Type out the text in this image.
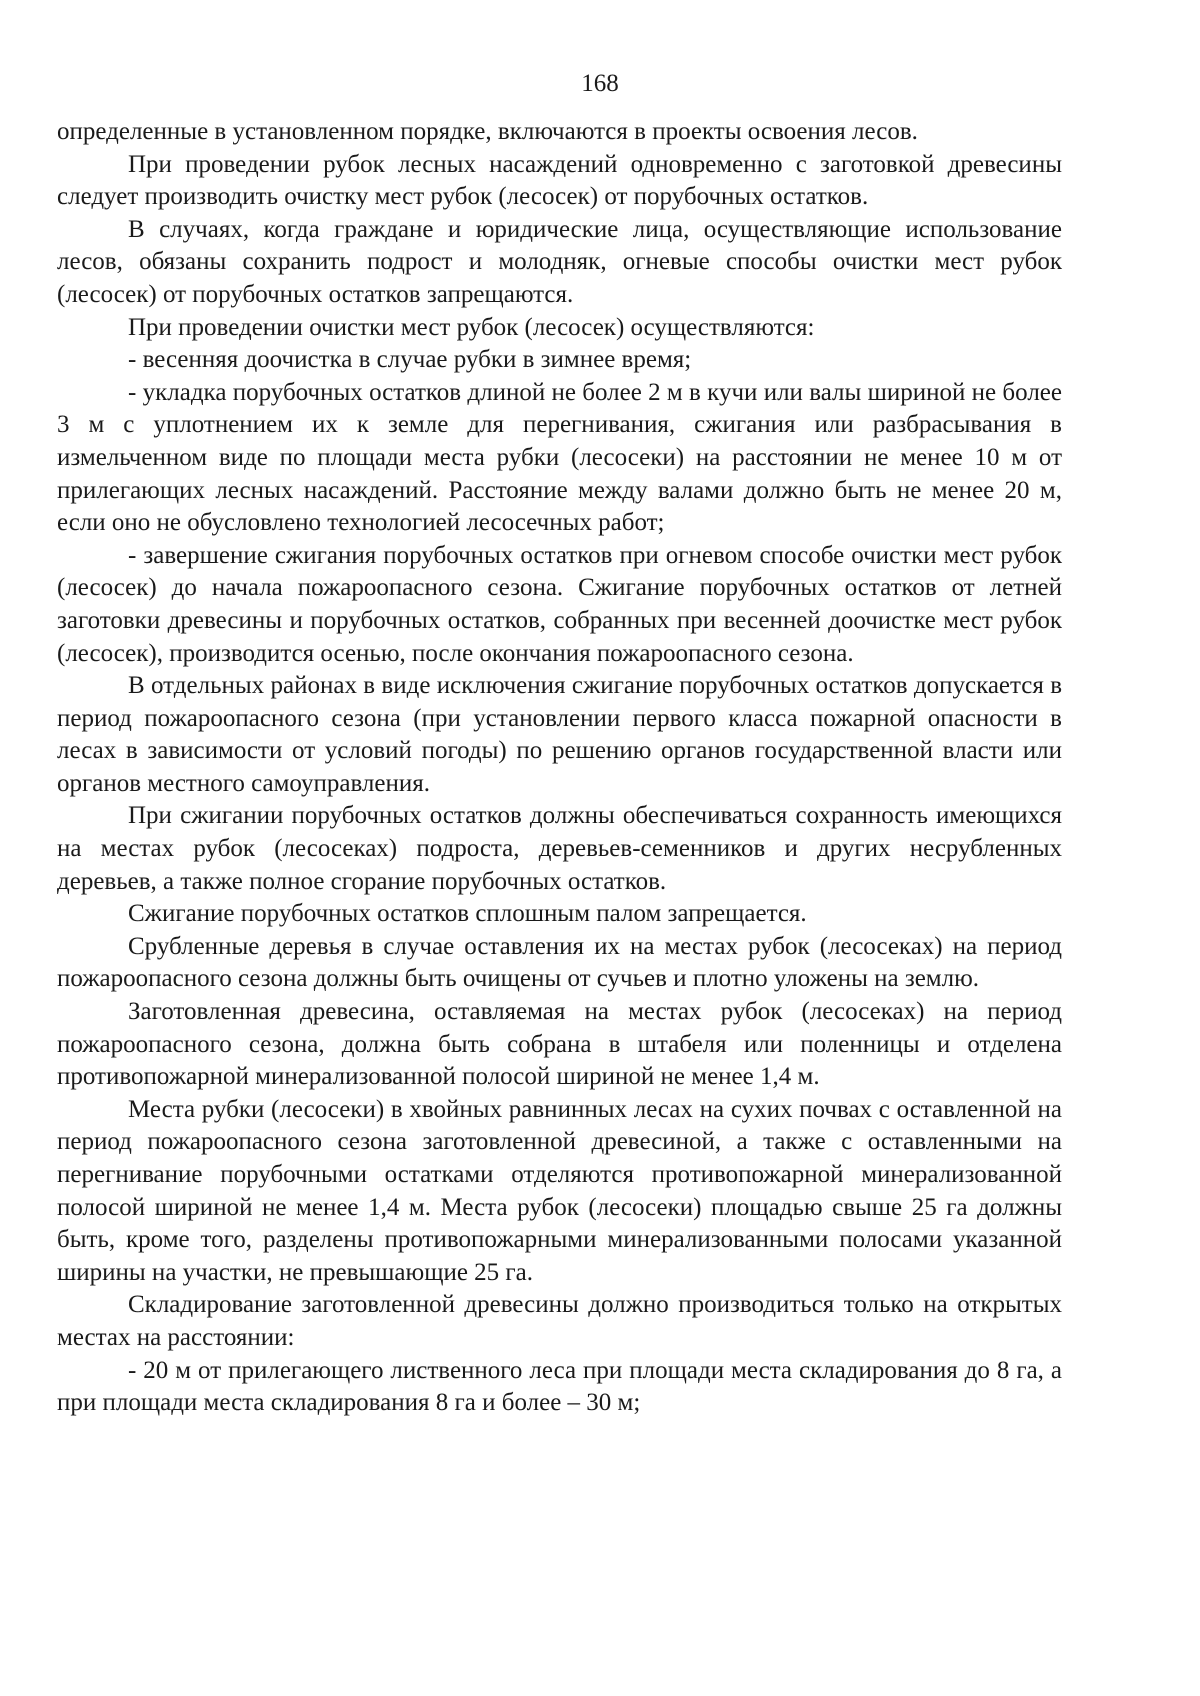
168

определенные в установленном порядке, включаются в проекты освоения лесов.

При проведении рубок лесных насаждений одновременно с заготовкой древесины следует производить очистку мест рубок (лесосек) от порубочных остатков.

В случаях, когда граждане и юридические лица, осуществляющие использование лесов, обязаны сохранить подрост и молодняк, огневые способы очистки мест рубок (лесосек) от порубочных остатков запрещаются.

При проведении очистки мест рубок (лесосек) осуществляются:

- весенняя доочистка в случае рубки в зимнее время;

- укладка порубочных остатков длиной не более 2 м в кучи или валы шириной не более 3 м с уплотнением их к земле для перегнивания, сжигания или разбрасывания в измельченном виде по площади места рубки (лесосеки) на расстоянии не менее 10 м от прилегающих лесных насаждений. Расстояние между валами должно быть не менее 20 м, если оно не обусловлено технологией лесосечных работ;

- завершение сжигания порубочных остатков при огневом способе очистки мест рубок (лесосек) до начала пожароопасного сезона. Сжигание порубочных остатков от летней заготовки древесины и порубочных остатков, собранных при весенней доочистке мест рубок (лесосек), производится осенью, после окончания пожароопасного сезона.

В отдельных районах в виде исключения сжигание порубочных остатков допускается в период пожароопасного сезона (при установлении первого класса пожарной опасности в лесах в зависимости от условий погоды) по решению органов государственной власти или органов местного самоуправления.

При сжигании порубочных остатков должны обеспечиваться сохранность имеющихся на местах рубок (лесосеках) подроста, деревьев-семенников и других несрубленных деревьев, а также полное сгорание порубочных остатков.

Сжигание порубочных остатков сплошным палом запрещается.

Срубленные деревья в случае оставления их на местах рубок (лесосеках) на период пожароопасного сезона должны быть очищены от сучьев и плотно уложены на землю.

Заготовленная древесина, оставляемая на местах рубок (лесосеках) на период пожароопасного сезона, должна быть собрана в штабеля или поленницы и отделена противопожарной минерализованной полосой шириной не менее 1,4 м.

Места рубки (лесосеки) в хвойных равнинных лесах на сухих почвах с оставленной на период пожароопасного сезона заготовленной древесиной, а также с оставленными на перегнивание порубочными остатками отделяются противопожарной минерализованной полосой шириной не менее 1,4 м. Места рубок (лесосеки) площадью свыше 25 га должны быть, кроме того, разделены противопожарными минерализованными полосами указанной ширины на участки, не превышающие 25 га.

Складирование заготовленной древесины должно производиться только на открытых местах на расстоянии:

- 20 м от прилегающего лиственного леса при площади места складирования до 8 га, а при площади места складирования 8 га и более – 30 м;
